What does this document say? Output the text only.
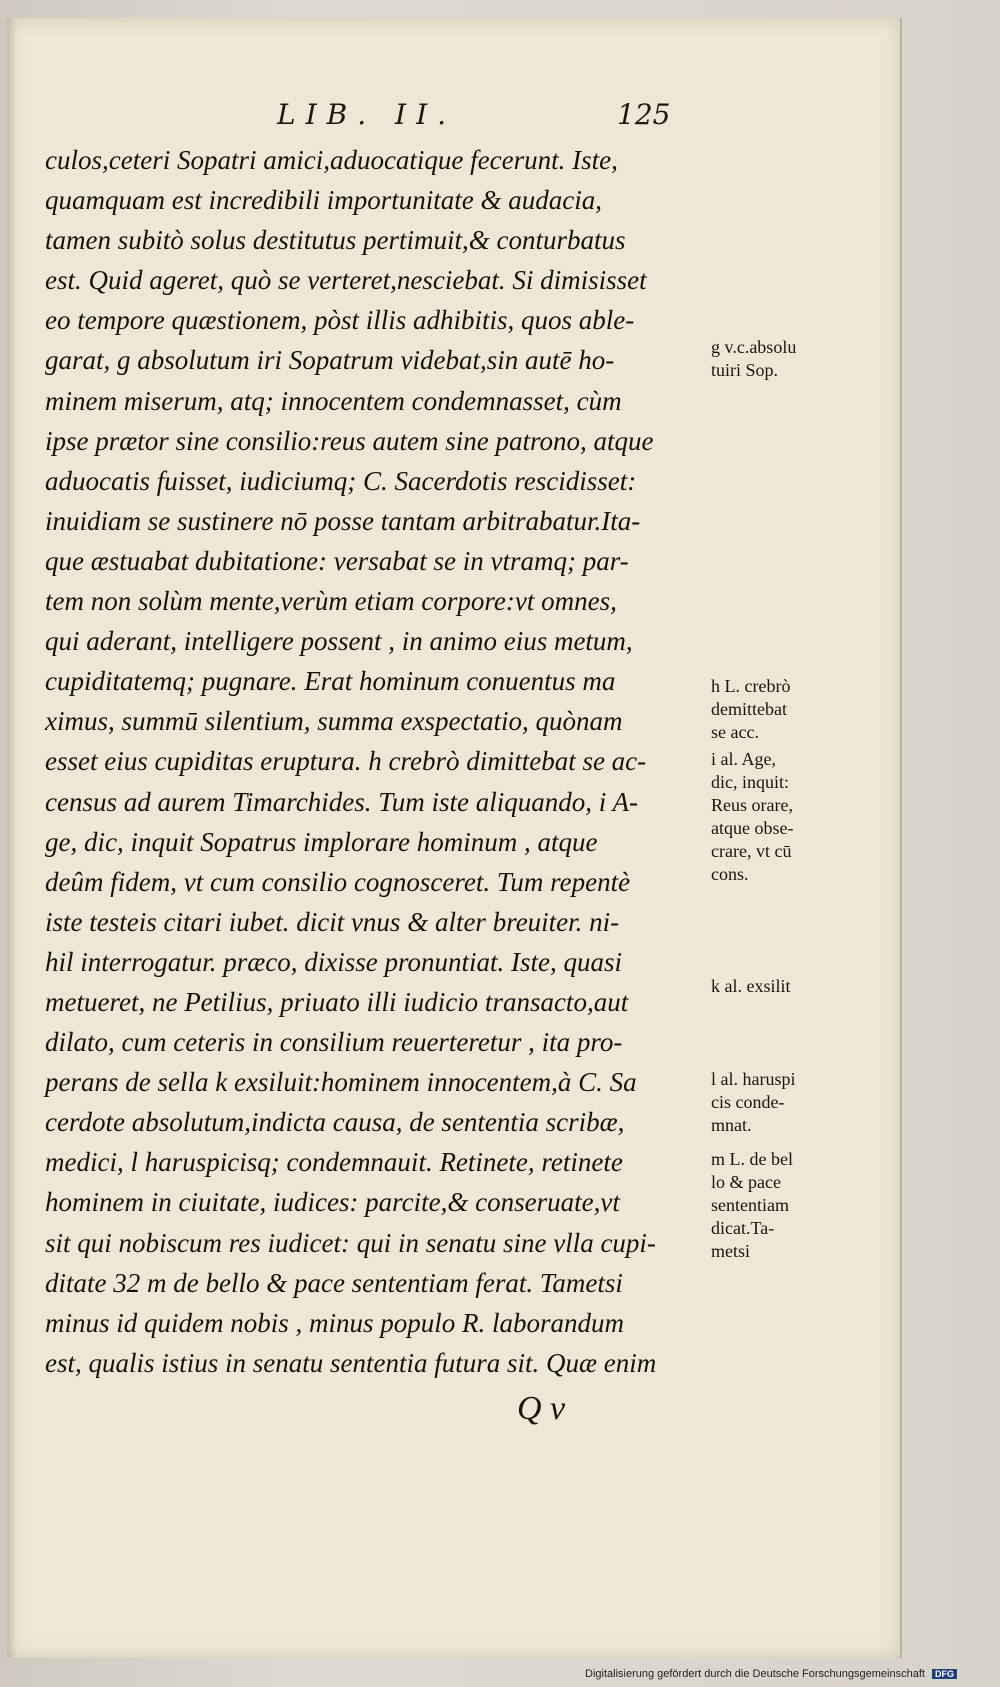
LIB. II.	125
culos,ceteri Sopatri amici,aduocatique fecerunt. Iste,
quamquam est incredibili importunitate & audacia,
tamen subitò solus destitutus pertimuit,& conturbatus
est. Quid ageret, quò se verteret,nesciebat. Si dimisisset
eo tempore quæstionem, pòst illis adhibitis, quos able-
garat, g absolutum iri Sopatrum videbat,sin autē ho-
minem miserum, atq; innocentem condemnasset, cùm
ipse prætor sine consilio:reus autem sine patrono, atque
aduocatis fuisset, iudiciumq; C. Sacerdotis rescidisset:
inuidiam se sustinere nō posse tantam arbitrabatur.Ita-
que æstuabat dubitatione: versabat se in vtramq; par-
tem non solùm mente,verùm etiam corpore:vt omnes,
qui aderant, intelligere possent , in animo eius metum,
cupiditatemq; pugnare. Erat hominum conuentus ma
ximus, summū silentium, summa exspectatio, quònam
esset eius cupiditas eruptura. h crebrò dimittebat se ac-
census ad aurem Timarchides. Tum iste aliquando, i A-
ge, dic, inquit Sopatrus implorare hominum , atque
deûm fidem, vt cum consilio cognosceret. Tum repentè
iste testeis citari iubet. dicit vnus & alter breuiter. ni-
hil interrogatur. præco, dixisse pronuntiat. Iste, quasi
metueret, ne Petilius, priuato illi iudicio transacto,aut
dilato, cum ceteris in consilium reuerteretur , ita pro-
perans de sella k exsiluit:hominem innocentem,à C. Sa
cerdote absolutum,indicta causa, de sententia scribæ,
medici, l haruspicisq; condemnauit. Retinete, retinete
hominem in ciuitate, iudices: parcite,& conseruate,vt
sit qui nobiscum res iudicet: qui in senatu sine vlla cupi-
ditate 32 m de bello & pace sententiam ferat. Tametsi
minus id quidem nobis , minus populo R. laborandum
est, qualis istius in senatu sententia futura sit. Quæ enim
g v.c.absolu
tuiri Sop.
h L. crebrò
demittebat
se acc.
i al. Age,
dic, inquit:
Reus orare,
atque obse-
crare, vt cū
cons.
k al. exsilit
l al. haruspi
cis conde-
mnat.
m L. de bel
lo & pace
sententiam
dicat.Ta-
metsi
Q v
Digitalisierung gefördert durch die Deutsche Forschungsgemeinschaft DFG
